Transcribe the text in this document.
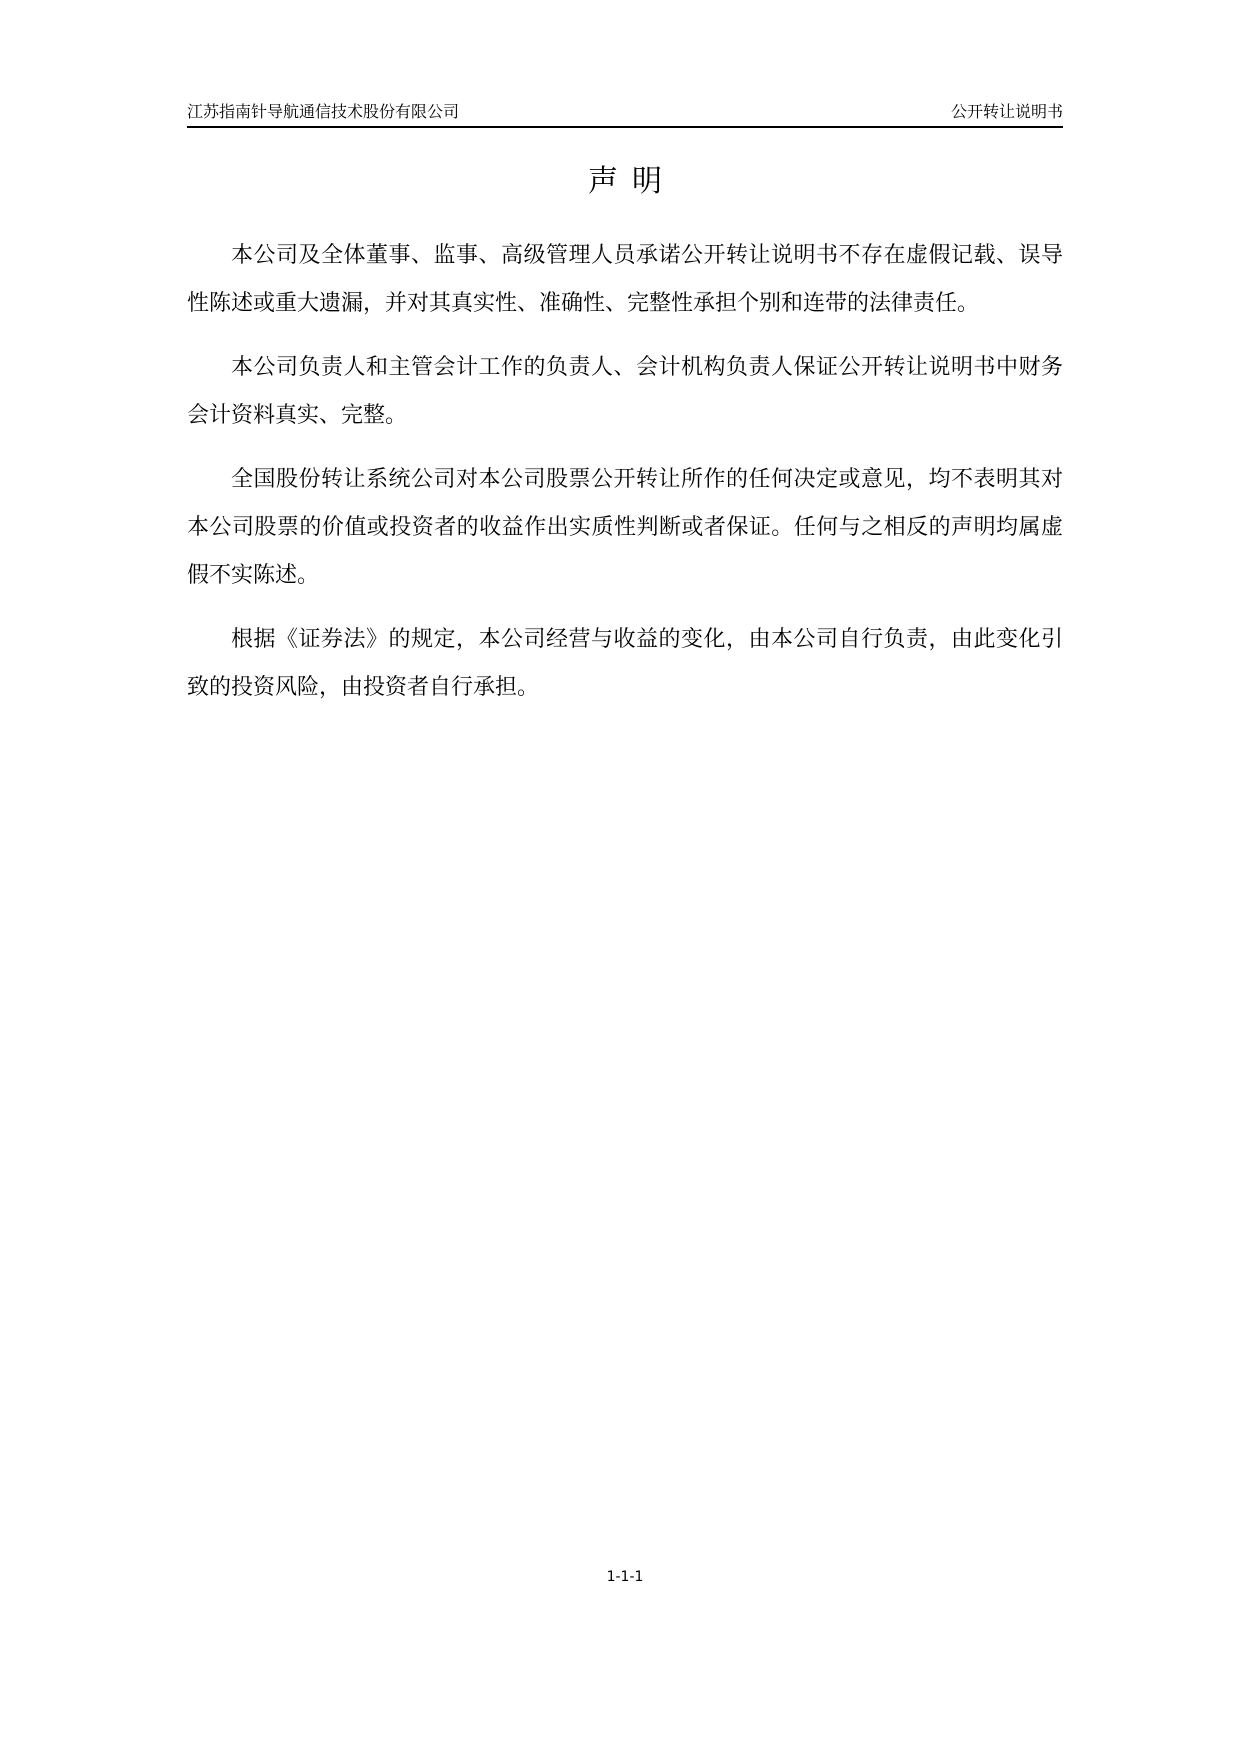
江苏指南针导航通信技术股份有限公司	公开转让说明书
声明

本公司及全体董事、监事、高级管理人员承诺公开转让说明书不存在虚假记载、误导性陈述或重大遗漏，并对其真实性、准确性、完整性承担个别和连带的法律责任。

本公司负责人和主管会计工作的负责人、会计机构负责人保证公开转让说明书中财务会计资料真实、完整。

全国股份转让系统公司对本公司股票公开转让所作的任何决定或意见，均不表明其对本公司股票的价值或投资者的收益作出实质性判断或者保证。任何与之相反的声明均属虚假不实陈述。

根据《证券法》的规定，本公司经营与收益的变化，由本公司自行负责，由此变化引致的投资风险，由投资者自行承担。

1-1-1
